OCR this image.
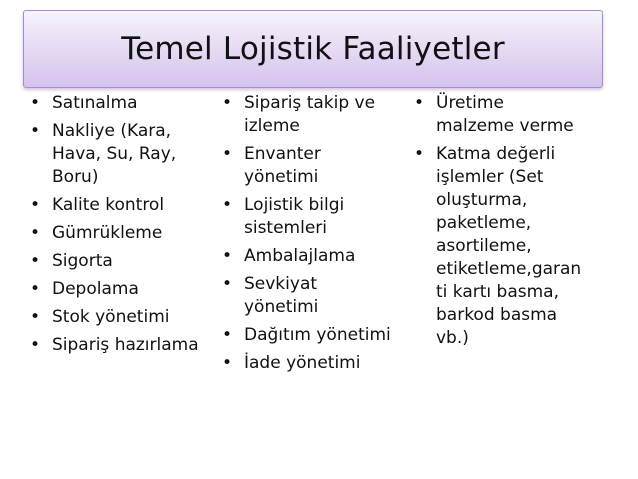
Temel Lojistik Faaliyetler
• Satınalma
• Nakliye (Kara,
Hava, Su, Ray,
Boru)
• Kalite kontrol
• Gümrükleme
• Sigorta
• Depolama
• Stok yönetimi
• Sipariş hazırlama
• Sipariş takip ve
izleme
• Envanter
yönetimi
• Lojistik bilgi
sistemleri
• Ambalajlama
• Sevkiyat
yönetimi
• Dağıtım yönetimi
• İade yönetimi
• Üretime
malzeme verme
• Katma değerli
işlemler (Set
oluşturma,
paketleme,
asortileme,
etiketleme,garan
ti kartı basma,
barkod basma
vb.)
